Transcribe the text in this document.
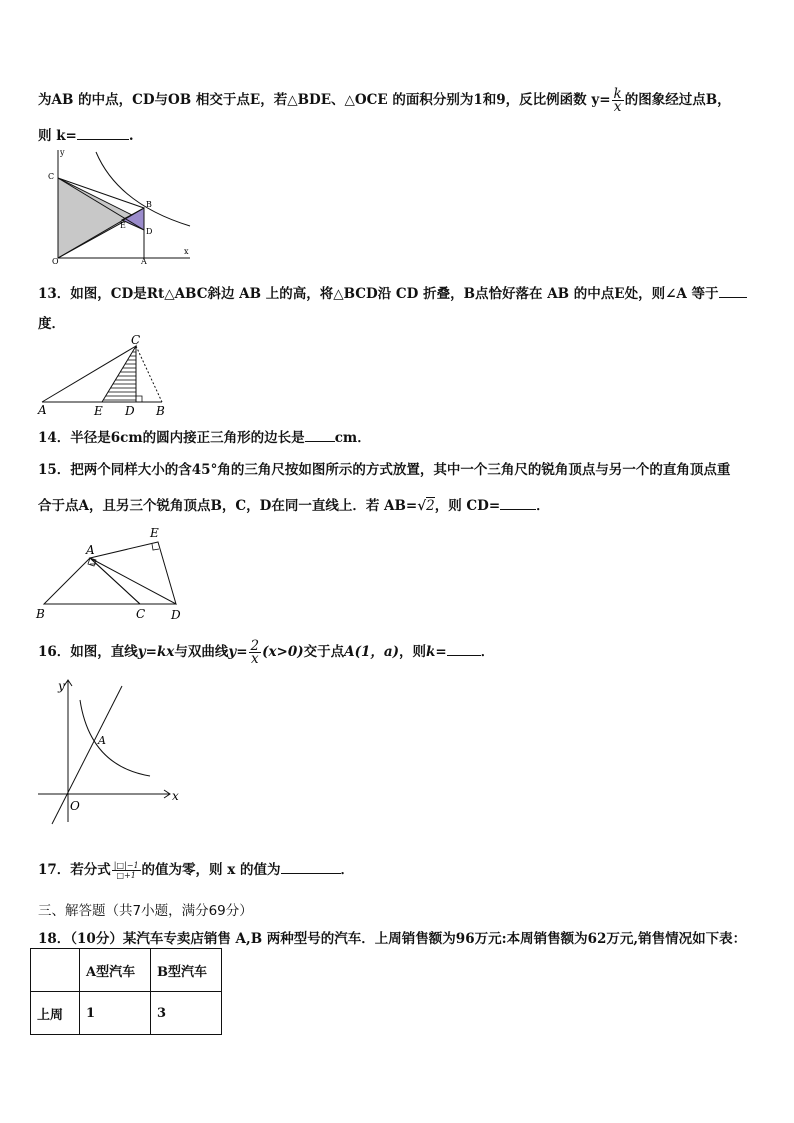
为AB 的中点，CD与OB 相交于点E，若△BDE、△OCE 的面积分别为1和9，反比例函数 $y= \frac{k}{x}$ 的图象经过点B，
则 k=	.
y
C
B
E
D
O	A
x
13．如图，CD是Rt△ABC斜边 AB 上的高，将△BCD沿 CD 折叠，B点恰好落在 AB 的中点E处，则∠A 等于
度．
C
A	E D B
14．半径是6cm的圆内接正三角形的边长是 cm．
15．把两个同样大小的含45°角的三角尺按如图所示的方式放置，其中一个三角尺的锐角顶点与另一个的直角顶点重
合于点A，且另三个锐角顶点B，C，D在同一直线上．若 AB=√2，则 CD=	．
A
E
B	C D
16．如图，直线y=kx与双曲线$y= \frac{2}{x} (x>0)$交于点A(1，a)，则k=	．
y
A
O
x
17．若分式 $\frac{|□|-1}{□+1}$ 的值为零，则 x 的值为	．
三、解答题（共7小题，满分69分）
18．（10分）某汽车专卖店销售 A,B 两种型号的汽车．上周销售额为96万元:本周销售额为62万元,销售情况如下表：
	A型汽车	B型汽车
上周	1	3
